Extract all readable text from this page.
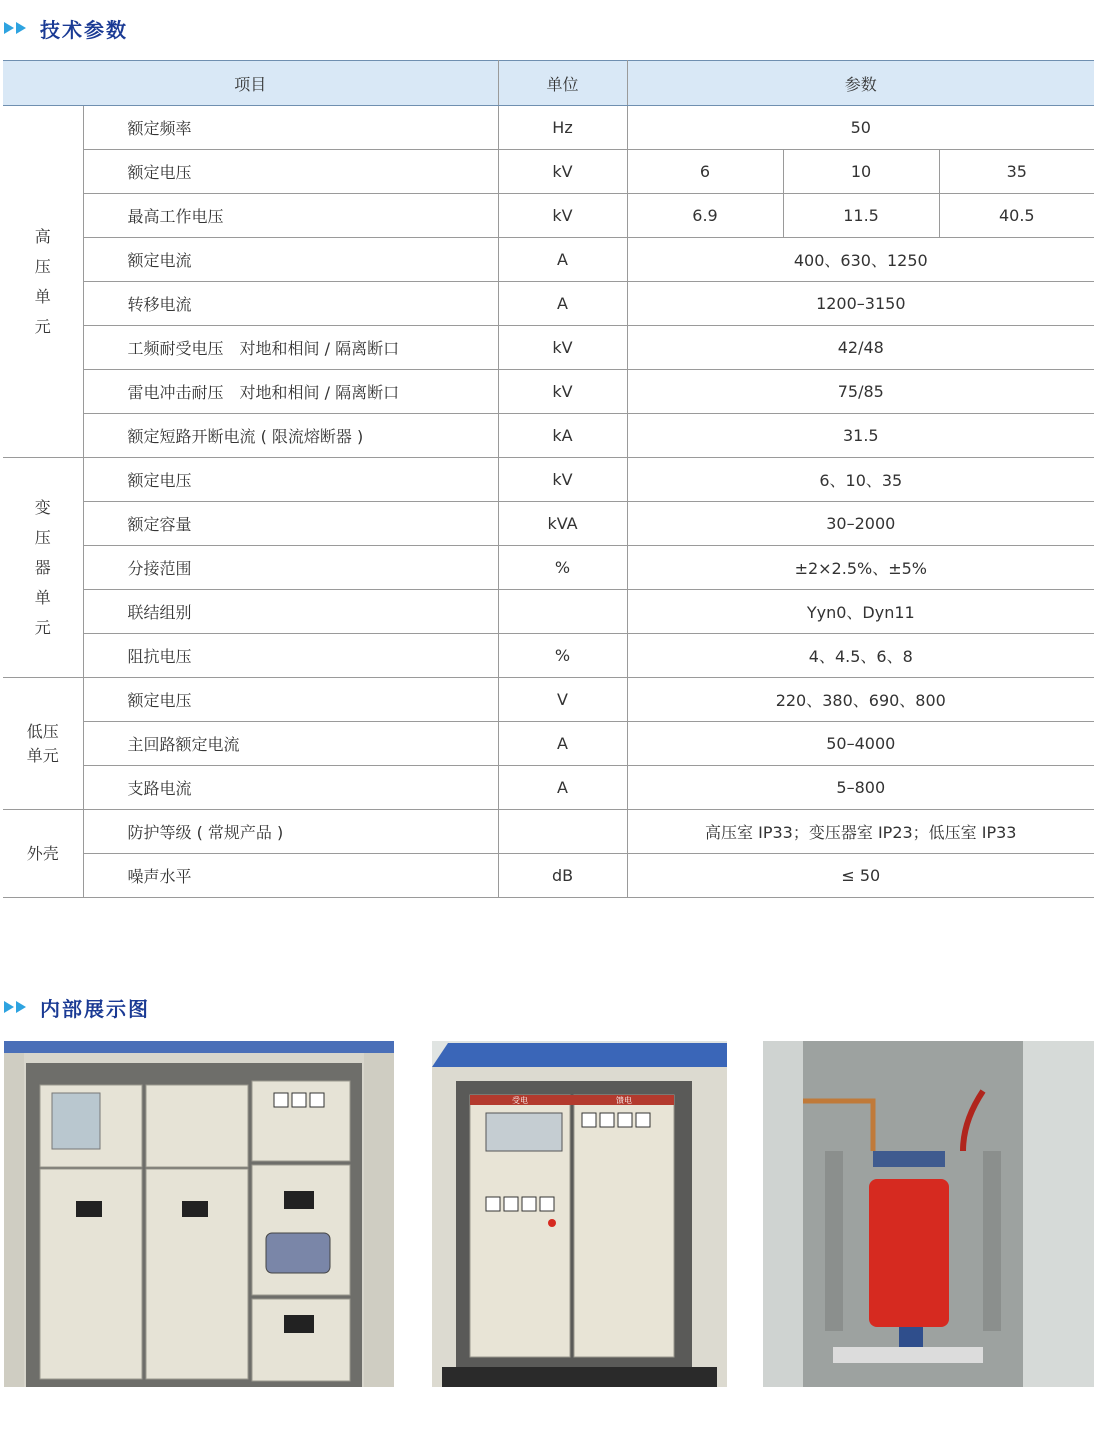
技术参数
项目		单位	参数		

高
压
单
元	额定频率	Hz	50		
	额定电压	kV	6	10	35
	最高工作电压	kV	6.9	11.5	40.5
	额定电流	A	400、630、1250		
	转移电流	A	1200–3150		
	工频耐受电压　对地和相间 / 隔离断口	kV	42/48		
	雷电冲击耐压　对地和相间 / 隔离断口	kV	75/85		
	额定短路开断电流 ( 限流熔断器 )	kA	31.5		

变
压
器
单
元	额定电压	kV	6、10、35		
	额定容量	kVA	30–2000		
	分接范围	%	±2×2.5%、±5%		
	联结组别		Yyn0、Dyn11		
	阻抗电压	%	4、4.5、6、8		

低压
单元	额定电压	V	220、380、690、800		
	主回路额定电流	A	50–4000		
	支路电流	A	5–800		
外壳	防护等级 ( 常规产品 )		高压室 IP33；变压器室 IP23；低压室 IP33		
	噪声水平	dB	≤ 50		
内部展示图
受电	馈电
